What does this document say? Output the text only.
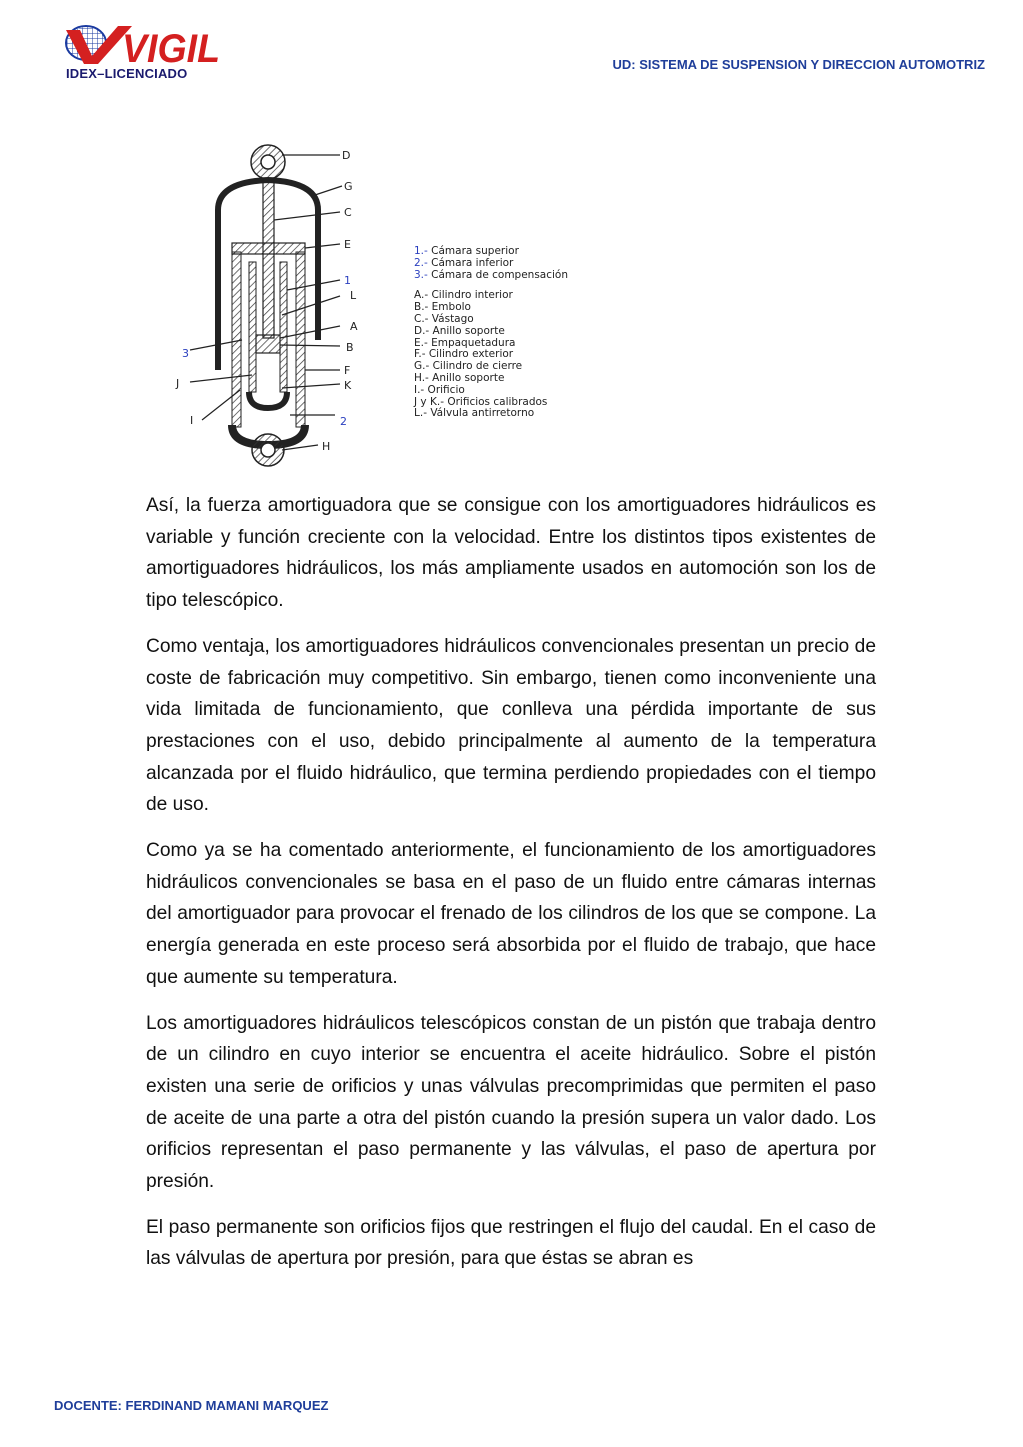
VIGIL
IDEX–LICENCIADO
UD: SISTEMA DE SUSPENSION Y DIRECCION AUTOMOTRIZ
D
G
C
E
1
L
A
B
F
K
2
H
3
J
I
1.- Cámara superior
2.- Cámara inferior
3.- Cámara de compensación
A.- Cilindro interior
B.- Embolo
C.- Vástago
D.- Anillo soporte
E.- Empaquetadura
F.- Cilindro exterior
G.- Cilindro de cierre
H.- Anillo soporte
I.- Orificio
J y K.- Orificios calibrados
L.- Válvula antirretorno

Así, la fuerza amortiguadora que se consigue con los amortiguadores hidráulicos es variable y función creciente con la velocidad. Entre los distintos tipos existentes de amortiguadores hidráulicos, los más ampliamente usados en automoción son los de tipo telescópico.

Como ventaja, los amortiguadores hidráulicos convencionales presentan un precio de coste de fabricación muy competitivo. Sin embargo, tienen como inconveniente una vida limitada de funcionamiento, que conlleva una pérdida importante de sus prestaciones con el uso, debido principalmente al aumento de la temperatura alcanzada por el fluido hidráulico, que termina perdiendo propiedades con el tiempo de uso.

Como ya se ha comentado anteriormente, el funcionamiento de los amortiguadores hidráulicos convencionales se basa en el paso de un fluido entre cámaras internas del amortiguador para provocar el frenado de los cilindros de los que se compone. La energía generada en este proceso será absorbida por el fluido de trabajo, que hace que aumente su temperatura.

Los amortiguadores hidráulicos telescópicos constan de un pistón que trabaja dentro de un cilindro en cuyo interior se encuentra el aceite hidráulico. Sobre el pistón existen una serie de orificios y unas válvulas precomprimidas que permiten el paso de aceite de una parte a otra del pistón cuando la presión supera un valor dado. Los orificios representan el paso permanente y las válvulas, el paso de apertura por presión.

El paso permanente son orificios fijos que restringen el flujo del caudal. En el caso de las válvulas de apertura por presión, para que éstas se abran es

DOCENTE: FERDINAND MAMANI MARQUEZ
